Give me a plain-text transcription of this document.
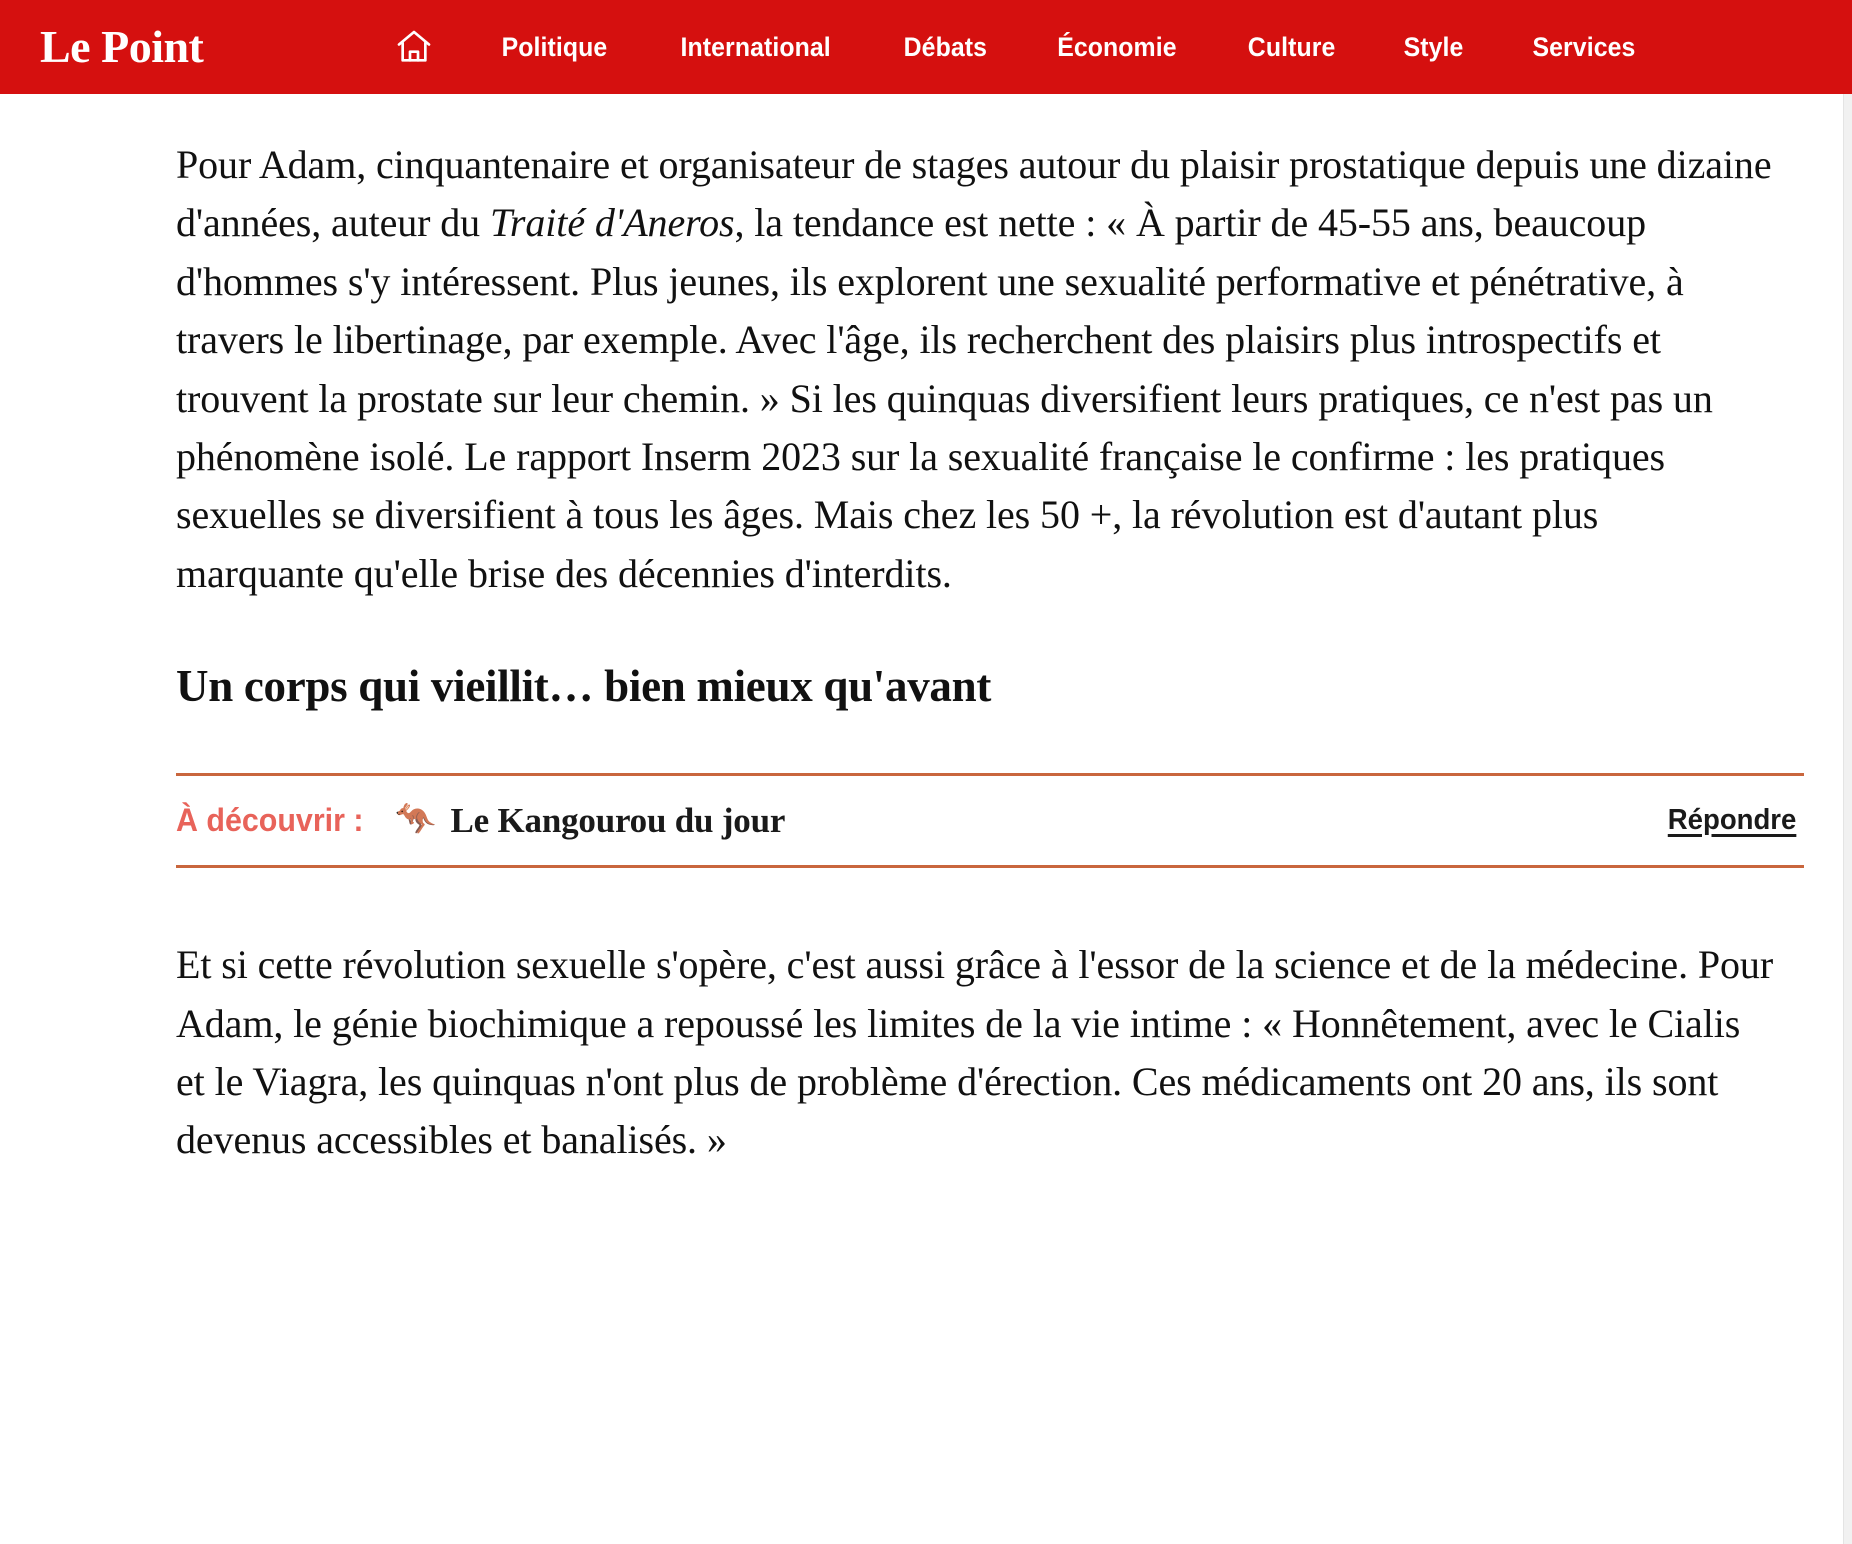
Le Point	Politique	International	Débats	Économie	Culture	Style	Services

Pour Adam, cinquantenaire et organisateur de stages autour du plaisir prostatique depuis une dizaine d'années, auteur du Traité d'Aneros, la tendance est nette : « À partir de 45-55 ans, beaucoup d'hommes s'y intéressent. Plus jeunes, ils explorent une sexualité performative et pénétrative, à travers le libertinage, par exemple. Avec l'âge, ils recherchent des plaisirs plus introspectifs et trouvent la prostate sur leur chemin. » Si les quinquas diversifient leurs pratiques, ce n'est pas un phénomène isolé. Le rapport Inserm 2023 sur la sexualité française le confirme : les pratiques sexuelles se diversifient à tous les âges. Mais chez les 50 +, la révolution est d'autant plus marquante qu'elle brise des décennies d'interdits.

Un corps qui vieillit… bien mieux qu'avant
À découvrir : 🦘 Le Kangourou du jour	Répondre

Et si cette révolution sexuelle s'opère, c'est aussi grâce à l'essor de la science et de la médecine. Pour Adam, le génie biochimique a repoussé les limites de la vie intime : « Honnêtement, avec le Cialis et le Viagra, les quinquas n'ont plus de problème d'érection. Ces médicaments ont 20 ans, ils sont devenus accessibles et banalisés. »
